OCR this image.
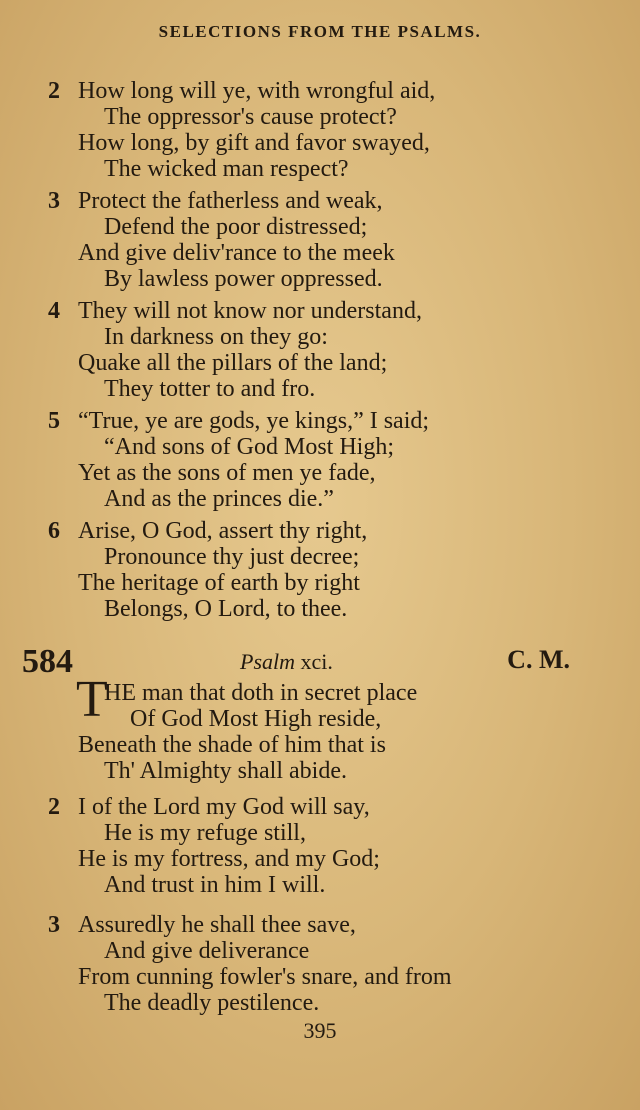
SELECTIONS FROM THE PSALMS.
2 How long will ye, with wrongful aid,
The oppressor's cause protect?
How long, by gift and favor swayed,
The wicked man respect?
3 Protect the fatherless and weak,
Defend the poor distressed;
And give deliv'rance to the meek
By lawless power oppressed.
4 They will not know nor understand,
In darkness on they go:
Quake all the pillars of the land;
They totter to and fro.
5 “True, ye are gods, ye kings,” I said;
“And sons of God Most High;
Yet as the sons of men ye fade,
And as the princes die.”
6 Arise, O God, assert thy right,
Pronounce thy just decree;
The heritage of earth by right
Belongs, O Lord, to thee.
584	Psalm xci.	C. M.
T
HE man that doth in secret place
Of God Most High reside,
Beneath the shade of him that is
Th' Almighty shall abide.
2 I of the Lord my God will say,
He is my refuge still,
He is my fortress, and my God;
And trust in him I will.
3 Assuredly he shall thee save,
And give deliverance
From cunning fowler's snare, and from
The deadly pestilence.
395
